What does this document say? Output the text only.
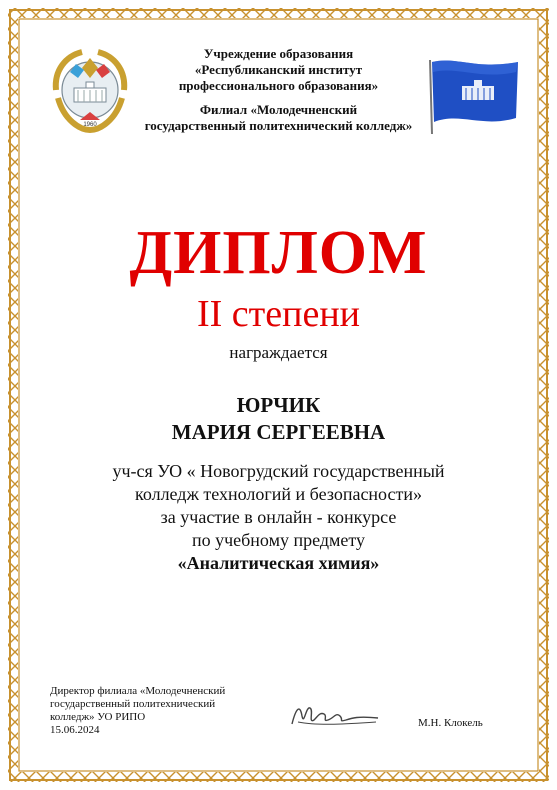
1960
Учреждение образования
«Республиканский институт
профессионального образования»
Филиал «Молодечненский
государственный политехнический колледж»
ДИПЛОМ
II степени
награждается
ЮРЧИК
МАРИЯ СЕРГЕЕВНА
уч-ся УО « Новогрудский государственный
колледж технологий и безопасности»
за участие в онлайн - конкурсе
по учебному предмету
«Аналитическая химия»
Директор филиала «Молодечненский
государственный политехнический
колледж» УО РИПО
15.06.2024
М.Н. Клокель
